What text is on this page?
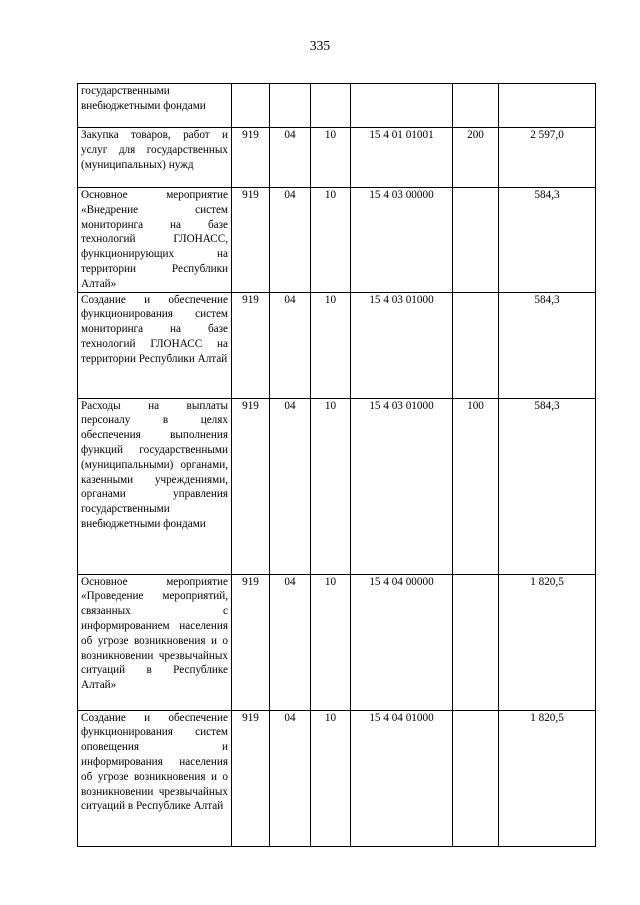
335
государственными внебюджетными фондами						
Закупка товаров, работ и услуг для государственных (муниципальных) нужд	919	04	10	15 4 01 01001	200	2 597,0
Основное мероприятие «Внедрение систем мониторинга на базе технологий ГЛОНАСС, функционирующих на территории Республики Алтай»	919	04	10	15 4 03 00000		584,3
Создание и обеспечение функционирования систем мониторинга на базе технологий ГЛОНАСС на территории Республики Алтай	919	04	10	15 4 03 01000		584,3
Расходы на выплаты персоналу в целях обеспечения выполнения функций государственными (муниципальными) органами, казенными учреждениями, органами управления государственными внебюджетными фондами	919	04	10	15 4 03 01000	100	584,3
Основное мероприятие «Проведение мероприятий, связанных с информированием населения об угрозе возникновения и о возникновении чрезвычайных ситуаций в Республике Алтай»	919	04	10	15 4 04 00000		1 820,5
Создание и обеспечение функционирования систем оповещения и информирования населения об угрозе возникновения и о возникновении чрезвычайных ситуаций в Республике Алтай	919	04	10	15 4 04 01000		1 820,5
